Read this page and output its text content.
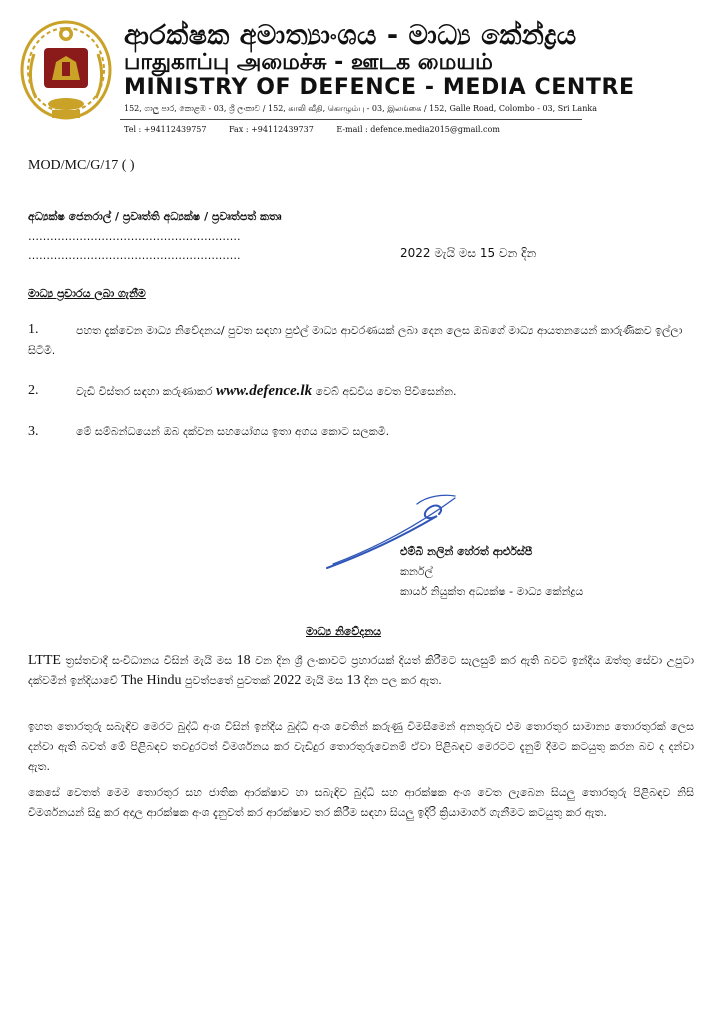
ආරක්ෂක අමාත්‍යාංශය - මාධ්‍ය කේන්ද්‍රය
பாதுகாப்பு அமைச்சு - ஊடக மையம்
MINISTRY OF DEFENCE - MEDIA CENTRE
152, ගාලු පාර, කොළඹ - 03, ශ්‍රී ලංකාව / 152, காலி வீதி, கொழும்பு - 03, இலங்கை / 152, Galle Road, Colombo - 03, Sri Lanka
Tel : +94112439757	Fax : +94112439737	E-mail : defence.media2015@gmail.com
MOD/MC/G/17 ( )
අධ්‍යක්ෂ ජෙනරාල් / ප්‍රවෘත්ති අධ්‍යක්ෂ / ප්‍රවෘත්පත් කතෘ
………………………………………………….
………………………………………………….	2022 මැයි මස 15 වන දින
මාධ්‍ය ප්‍රචාරය ලබා ගැනීම
1.	පහත දැක්වෙන මාධ්‍ය නිවේදනය/ පුවත සඳහා පුළුල් මාධ්‍ය ආවරණයක් ලබා දෙන ලෙස ඔබගේ මාධ්‍ය ආයතනයෙන් කාරුණිකව ඉල්ලා සිටිමි.
2.	වැඩි විස්තර සඳහා කරුණාකර www.defence.lk වෙබ් අඩවිය වෙත පිවිසෙන්න.
3.	මේ සම්බන්ධයෙන් ඔබ දක්වන සහයෝගය ඉතා අගය කොට සලකමි.
එම්බී නලින් හේරත් ආර්එස්පී
කර්නල්
කාර්ය නියුක්ත අධ්‍යක්ෂ - මාධ්‍ය කේන්ද්‍රය
මාධ්‍ය නිවේදනය
LTTE ත්‍රස්තවාදී සංවිධානය විසින් මැයි මස 18 වන දින ශ්‍රී ලංකාවට ප්‍රහාරයක් දියත් කිරීමට සැලසුම් කර ඇති බවට ඉන්දීය ඔත්තු සේවා උපුටා දක්වමින් ඉන්දියාවේ The Hindu පුවත්පතේ පුවතක් 2022 මැයි මස 13 දින පල කර ඇත.
ඉහත තොරතුරු සබැඳිව මෙරට බුද්ධි අංශ විසින් ඉන්දීය බුද්ධි අංශ වෙතින් කරුණු විමසීමෙන් අනතුරුව එම තොරතුර සාමාන්‍ය තොරතුරක් ලෙස දන්වා ඇති බවත් මේ පිළිබඳව තවදුරටත් විමර්ශනය කර වැඩිදුර තොරතුරුවෙනම් ඒවා පිළිබඳව මෙරටට දැනුම් දීමට කටයුතු කරන බව ද දන්වා ඇත.
කෙසේ වෙතත් මෙම තොරතුර සහ ජාතික ආරක්ෂාව හා සබැඳිව බුද්ධි සහ ආරක්ෂක අංශ වෙත ලැබෙන සියලු තොරතුරු පිළිබඳව නිසි විමර්ශනයන් සිදු කර අදාල ආරක්ෂක අංශ දැනුවත් කර ආරක්ෂාව තර කිරීම සඳහා සියලු ඉදිරි ක්‍රියාමාර්ග ගැනීමට කටයුතු කර ඇත.
